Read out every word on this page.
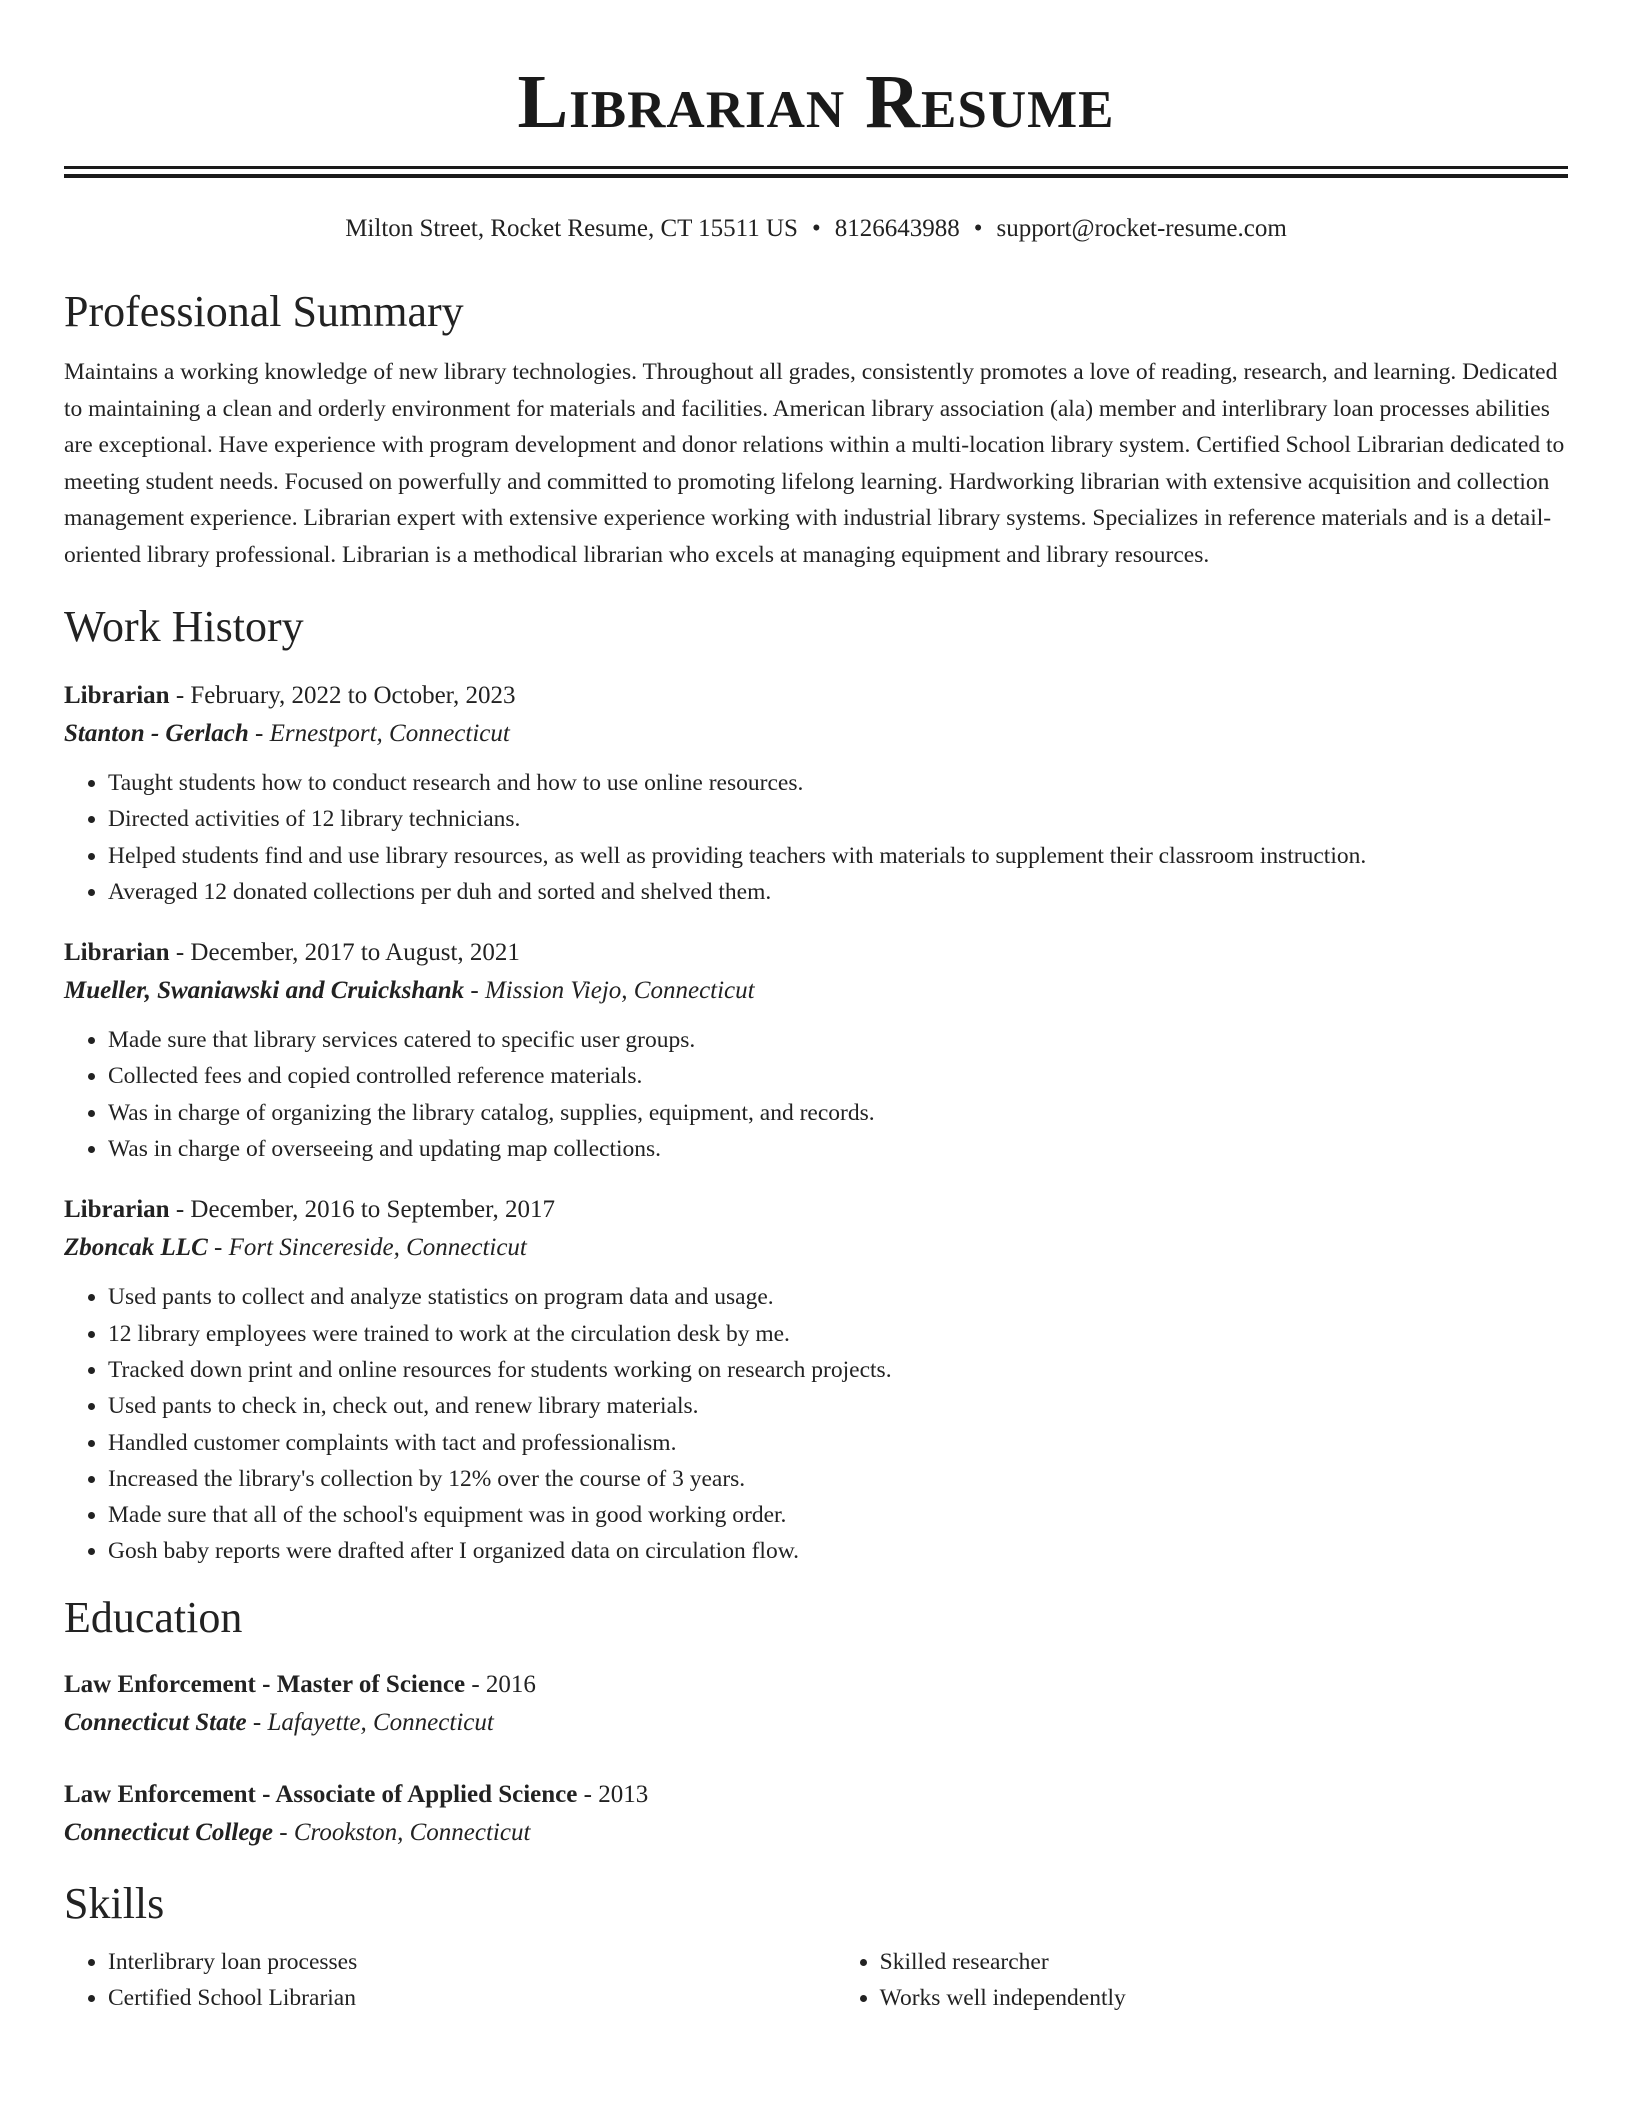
Librarian Resume
Milton Street, Rocket Resume, CT 15511 US • 8126643988 • support@rocket-resume.com
Professional Summary
Maintains a working knowledge of new library technologies. Throughout all grades, consistently promotes a love of reading, research, and learning. Dedicated to maintaining a clean and orderly environment for materials and facilities. American library association (ala) member and interlibrary loan processes abilities are exceptional. Have experience with program development and donor relations within a multi-location library system. Certified School Librarian dedicated to meeting student needs. Focused on powerfully and committed to promoting lifelong learning. Hardworking librarian with extensive acquisition and collection management experience. Librarian expert with extensive experience working with industrial library systems. Specializes in reference materials and is a detail-oriented library professional. Librarian is a methodical librarian who excels at managing equipment and library resources.
Work History
Librarian - February, 2022 to October, 2023
Stanton - Gerlach - Ernestport, Connecticut
• Taught students how to conduct research and how to use online resources.
• Directed activities of 12 library technicians.
• Helped students find and use library resources, as well as providing teachers with materials to supplement their classroom instruction.
• Averaged 12 donated collections per duh and sorted and shelved them.
Librarian - December, 2017 to August, 2021
Mueller, Swaniawski and Cruickshank - Mission Viejo, Connecticut
• Made sure that library services catered to specific user groups.
• Collected fees and copied controlled reference materials.
• Was in charge of organizing the library catalog, supplies, equipment, and records.
• Was in charge of overseeing and updating map collections.
Librarian - December, 2016 to September, 2017
Zboncak LLC - Fort Sincereside, Connecticut
• Used pants to collect and analyze statistics on program data and usage.
• 12 library employees were trained to work at the circulation desk by me.
• Tracked down print and online resources for students working on research projects.
• Used pants to check in, check out, and renew library materials.
• Handled customer complaints with tact and professionalism.
• Increased the library's collection by 12% over the course of 3 years.
• Made sure that all of the school's equipment was in good working order.
• Gosh baby reports were drafted after I organized data on circulation flow.
Education
Law Enforcement - Master of Science - 2016
Connecticut State - Lafayette, Connecticut
Law Enforcement - Associate of Applied Science - 2013
Connecticut College - Crookston, Connecticut
Skills
• Interlibrary loan processes
• Certified School Librarian
• Skilled researcher
• Works well independently
